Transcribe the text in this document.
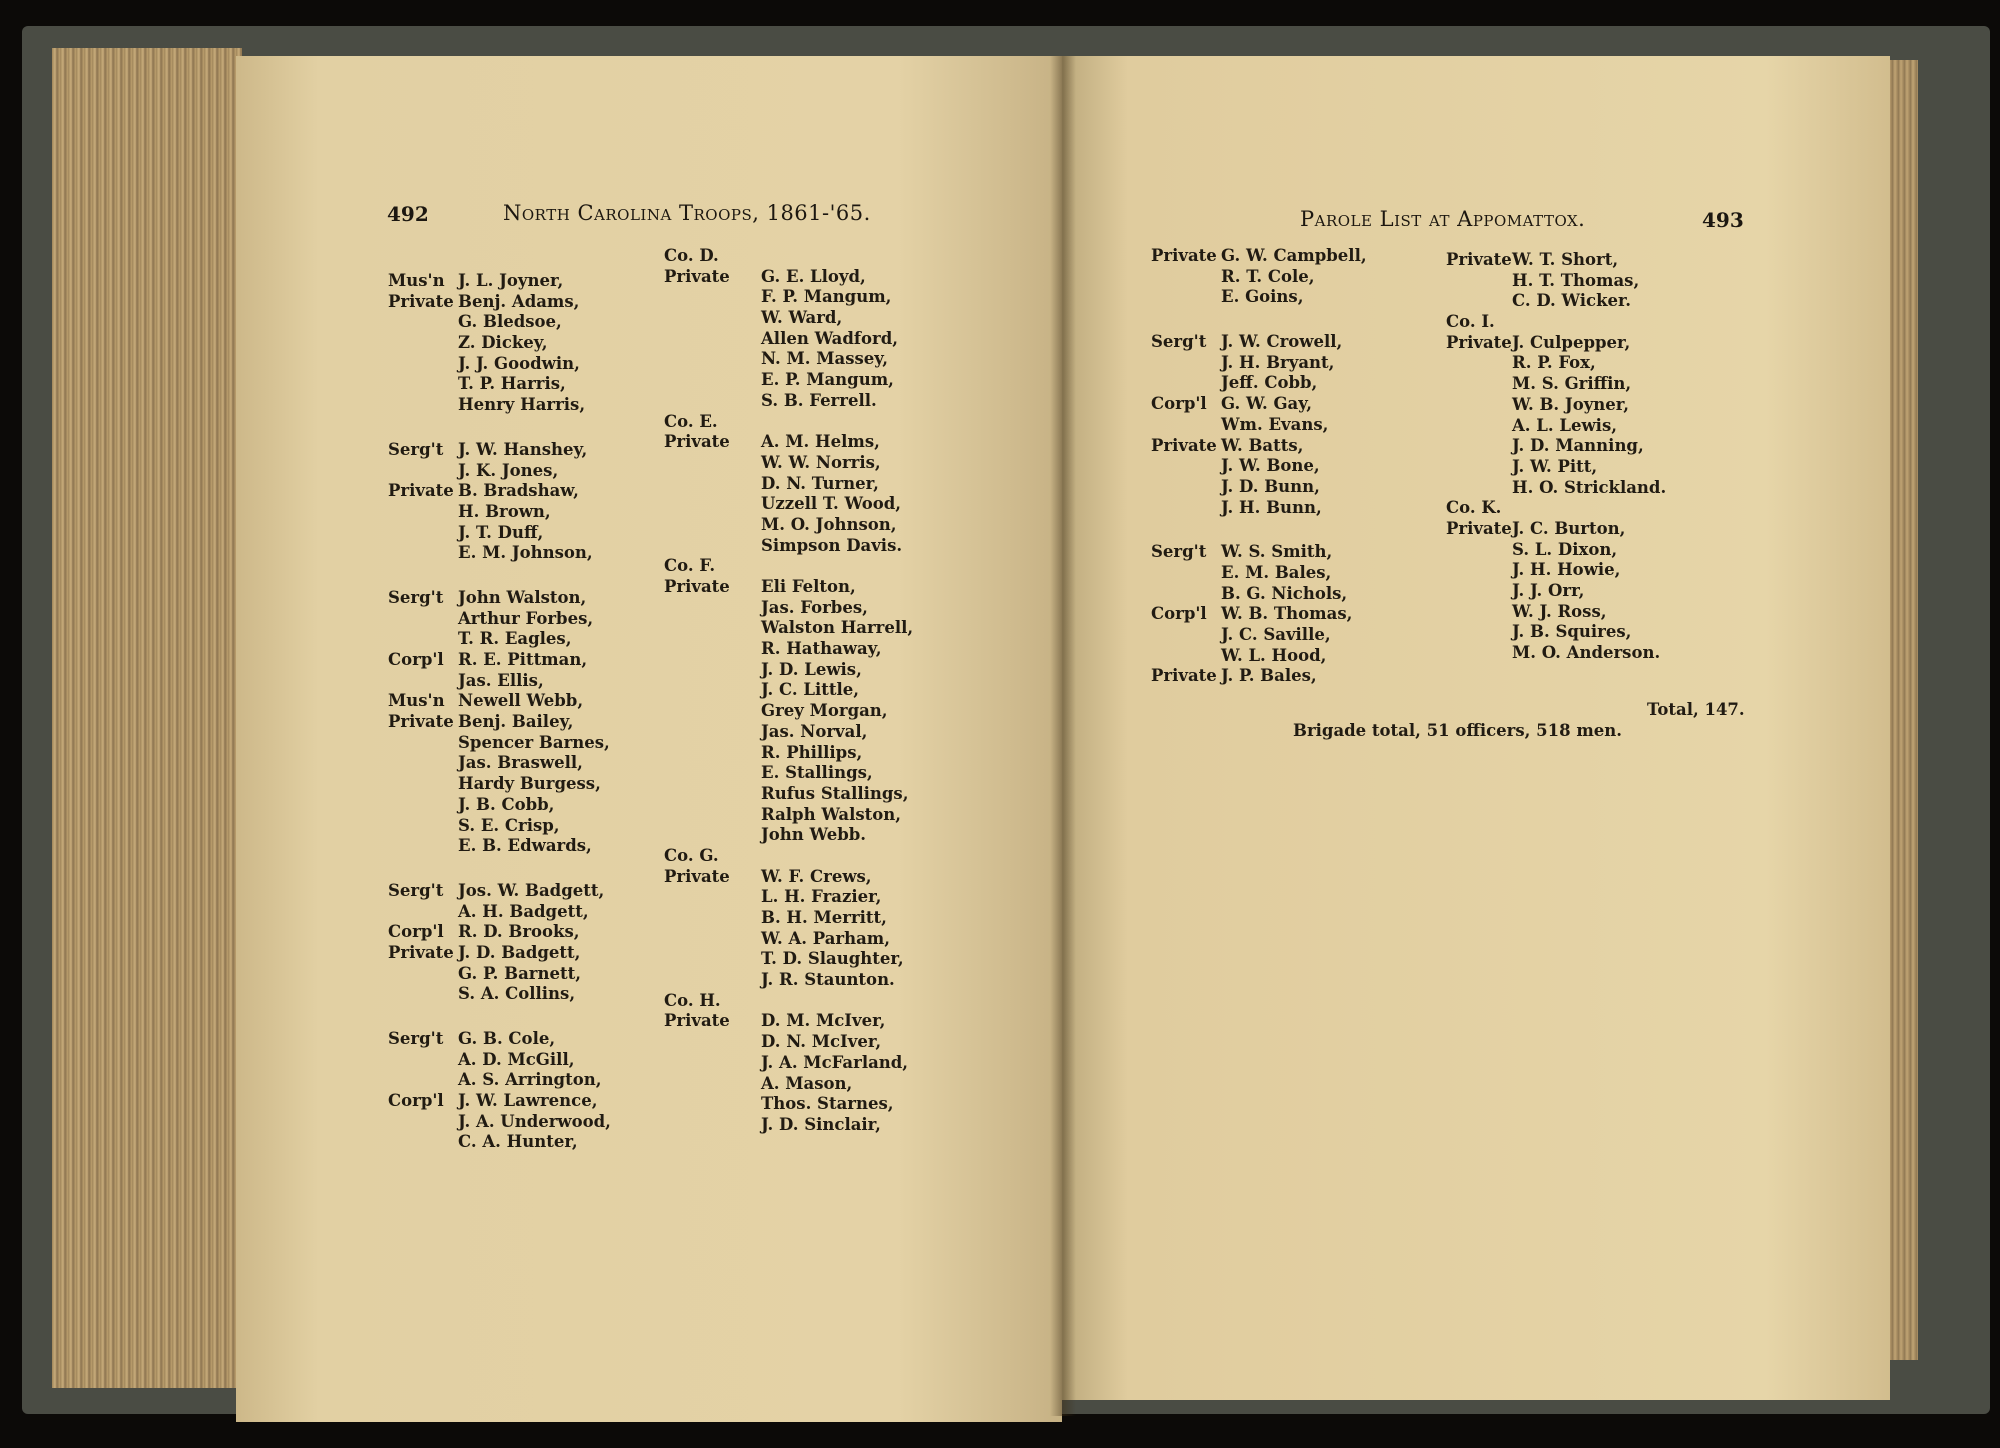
492	North Carolina Troops, 1861-'65.	Parole List at Appomattox.	493
Mus'n J. L. Joyner,
Private Benj. Adams,
G. Bledsoe,
Z. Dickey,
J. J. Goodwin,
T. P. Harris,
Henry Harris,
Serg't J. W. Hanshey,
J. K. Jones,
Private B. Bradshaw,
H. Brown,
J. T. Duff,
E. M. Johnson,
Serg't John Walston,
Arthur Forbes,
T. R. Eagles,
Corp'l R. E. Pittman,
Jas. Ellis,
Mus'n Newell Webb,
Private Benj. Bailey,
Spencer Barnes,
Jas. Braswell,
Hardy Burgess,
J. B. Cobb,
S. E. Crisp,
E. B. Edwards,
Serg't Jos. W. Badgett,
A. H. Badgett,
Corp'l R. D. Brooks,
Private J. D. Badgett,
G. P. Barnett,
S. A. Collins,
Serg't G. B. Cole,
A. D. McGill,
A. S. Arrington,
Corp'l J. W. Lawrence,
J. A. Underwood,
C. A. Hunter,
Co. D.
Private G. E. Lloyd,
F. P. Mangum,
W. Ward,
Allen Wadford,
N. M. Massey,
E. P. Mangum,
S. B. Ferrell.
Co. E.
Private A. M. Helms,
W. W. Norris,
D. N. Turner,
Uzzell T. Wood,
M. O. Johnson,
Simpson Davis.
Co. F.
Private Eli Felton,
Jas. Forbes,
Walston Harrell,
R. Hathaway,
J. D. Lewis,
J. C. Little,
Grey Morgan,
Jas. Norval,
R. Phillips,
E. Stallings,
Rufus Stallings,
Ralph Walston,
John Webb.
Co. G.
Private W. F. Crews,
L. H. Frazier,
B. H. Merritt,
W. A. Parham,
T. D. Slaughter,
J. R. Staunton.
Co. H.
Private D. M. McIver,
D. N. McIver,
J. A. McFarland,
A. Mason,
Thos. Starnes,
J. D. Sinclair,
Private G. W. Campbell,
R. T. Cole,
E. Goins,
Serg't J. W. Crowell,
J. H. Bryant,
Jeff. Cobb,
Corp'l G. W. Gay,
Wm. Evans,
Private W. Batts,
J. W. Bone,
J. D. Bunn,
J. H. Bunn,
Serg't W. S. Smith,
E. M. Bales,
B. G. Nichols,
Corp'l W. B. Thomas,
J. C. Saville,
W. L. Hood,
Private J. P. Bales,
Private W. T. Short,
H. T. Thomas,
C. D. Wicker.
Co. I.
Private J. Culpepper,
R. P. Fox,
M. S. Griffin,
W. B. Joyner,
A. L. Lewis,
J. D. Manning,
J. W. Pitt,
H. O. Strickland.
Co. K.
Private J. C. Burton,
S. L. Dixon,
J. H. Howie,
J. J. Orr,
W. J. Ross,
J. B. Squires,
M. O. Anderson.
Total, 147.
Brigade total, 51 officers, 518 men.
